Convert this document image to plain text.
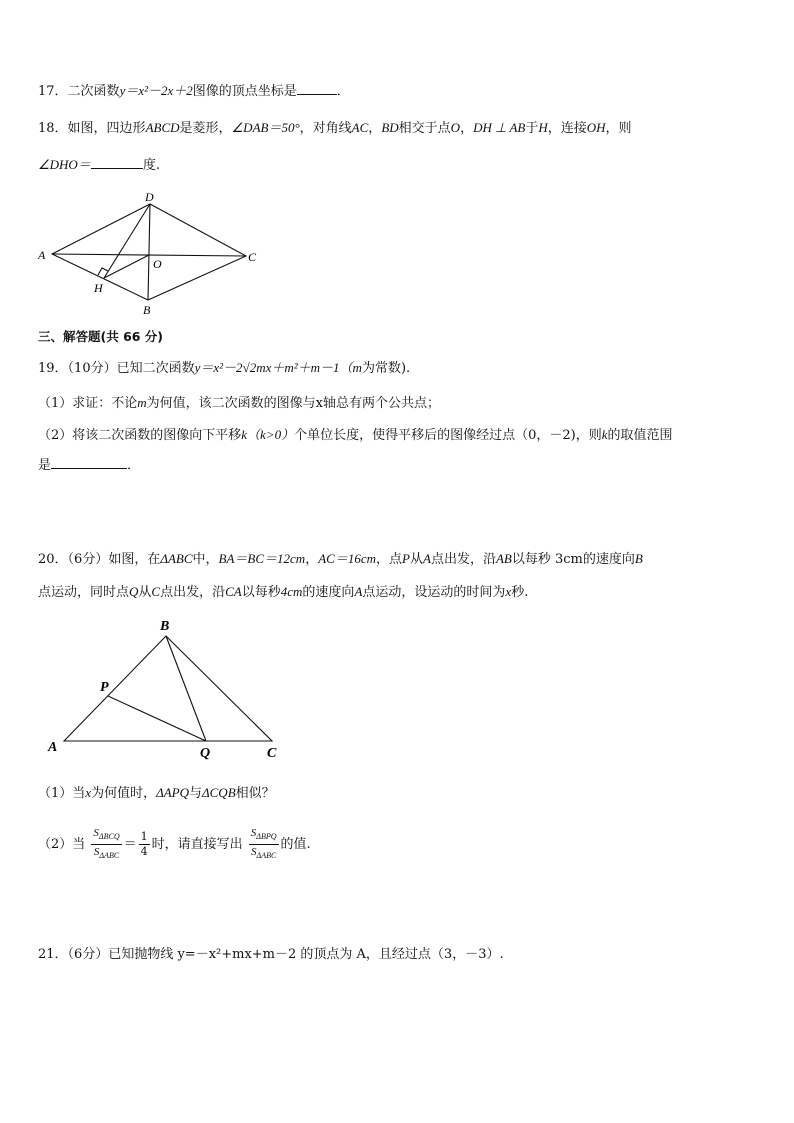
17．二次函数y＝x²－2x＋2图像的顶点坐标是	．
18．如图，四边形ABCD是菱形，∠DAB＝50°，对角线AC，BD相交于点O，DH ⊥ AB于H，连接OH，则
∠DHO＝	度.
D
A
O	C
H
B
三、解答题(共 66 分)
19．（10分）已知二次函数y＝x²－2√2mx＋m²＋m－1（m为常数).
（1）求证：不论m为何值，该二次函数的图像与x轴总有两个公共点；
（2）将该二次函数的图像向下平移k（k>0）个单位长度，使得平移后的图像经过点（0，－2)，则k的取值范围
是	．
20．（6分）如图，在ΔABC中，BA＝BC＝12cm，AC＝16cm，点P从A点出发，沿AB以每秒 3cm的速度向B
点运动，同时点Q从C点出发，沿CA以每秒4cm的速度向A点运动，设运动的时间为x秒.
B
P
A	Q	C
（1）当x为何值时，ΔAPQ与ΔCQB相似？
（2）当 $\frac{S_{\Delta BCQ}}{S_{\Delta ABC}} = \frac{1}{4}$ 时，请直接写出 $\frac{S_{\Delta BPQ}}{S_{\Delta ABC}}$ 的值.
21．（6分）已知抛物线 y=－x²+mx+m－2 的顶点为 A，且经过点（3，－3）.
